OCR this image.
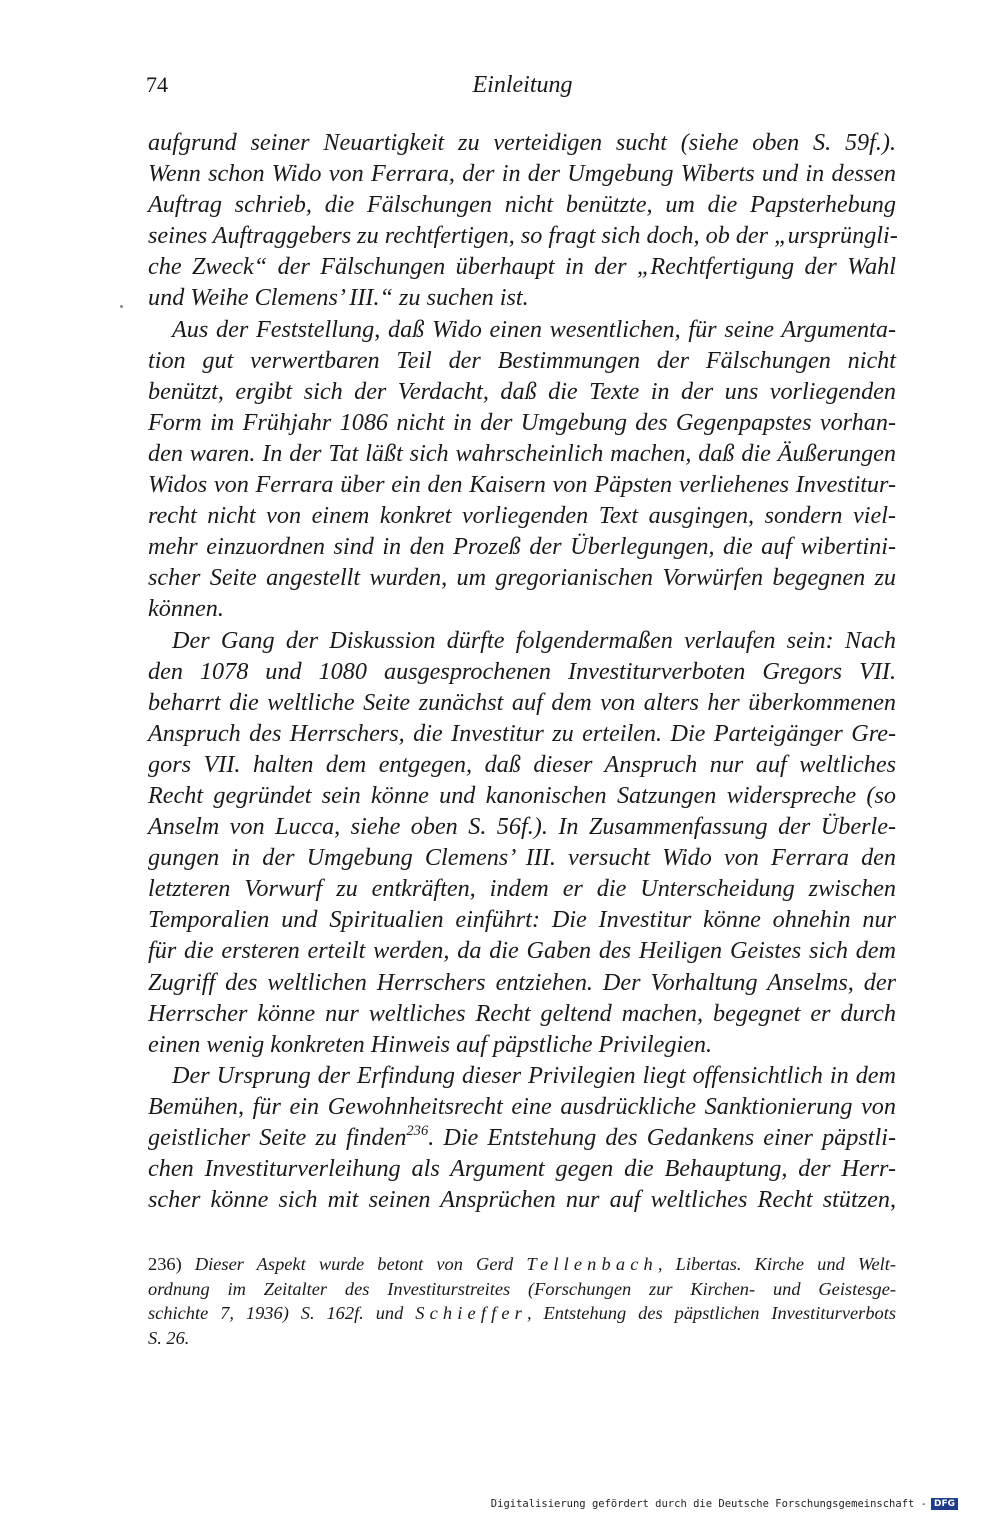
74	Einleitung
aufgrund seiner Neuartigkeit zu verteidigen sucht (siehe oben S. 59f.).
Wenn schon Wido von Ferrara, der in der Umgebung Wiberts und in dessen
Auftrag schrieb, die Fälschungen nicht benützte, um die Papsterhebung
seines Auftraggebers zu rechtfertigen, so fragt sich doch, ob der „ursprüngli-
che Zweck“ der Fälschungen überhaupt in der „Rechtfertigung der Wahl
und Weihe Clemens’ III.“ zu suchen ist.
Aus der Feststellung, daß Wido einen wesentlichen, für seine Argumenta-
tion gut verwertbaren Teil der Bestimmungen der Fälschungen nicht
benützt, ergibt sich der Verdacht, daß die Texte in der uns vorliegenden
Form im Frühjahr 1086 nicht in der Umgebung des Gegenpapstes vorhan-
den waren. In der Tat läßt sich wahrscheinlich machen, daß die Äußerungen
Widos von Ferrara über ein den Kaisern von Päpsten verliehenes Investitur-
recht nicht von einem konkret vorliegenden Text ausgingen, sondern viel-
mehr einzuordnen sind in den Prozeß der Überlegungen, die auf wibertini-
scher Seite angestellt wurden, um gregorianischen Vorwürfen begegnen zu
können.
Der Gang der Diskussion dürfte folgendermaßen verlaufen sein: Nach
den 1078 und 1080 ausgesprochenen Investiturverboten Gregors VII.
beharrt die weltliche Seite zunächst auf dem von alters her überkommenen
Anspruch des Herrschers, die Investitur zu erteilen. Die Parteigänger Gre-
gors VII. halten dem entgegen, daß dieser Anspruch nur auf weltliches
Recht gegründet sein könne und kanonischen Satzungen widerspreche (so
Anselm von Lucca, siehe oben S. 56f.). In Zusammenfassung der Überle-
gungen in der Umgebung Clemens’ III. versucht Wido von Ferrara den
letzteren Vorwurf zu entkräften, indem er die Unterscheidung zwischen
Temporalien und Spiritualien einführt: Die Investitur könne ohnehin nur
für die ersteren erteilt werden, da die Gaben des Heiligen Geistes sich dem
Zugriff des weltlichen Herrschers entziehen. Der Vorhaltung Anselms, der
Herrscher könne nur weltliches Recht geltend machen, begegnet er durch
einen wenig konkreten Hinweis auf päpstliche Privilegien.
Der Ursprung der Erfindung dieser Privilegien liegt offensichtlich in dem
Bemühen, für ein Gewohnheitsrecht eine ausdrückliche Sanktionierung von
geistlicher Seite zu finden$^{236}$. Die Entstehung des Gedankens einer päpstli-
chen Investiturverleihung als Argument gegen die Behauptung, der Herr-
scher könne sich mit seinen Ansprüchen nur auf weltliches Recht stützen,
236) Dieser Aspekt wurde betont von Gerd Tellenbach, Libertas. Kirche und Welt-
ordnung im Zeitalter des Investiturstreites (Forschungen zur Kirchen- und Geistesge-
schichte 7, 1936) S. 162f. und Schieffer, Entstehung des päpstlichen Investiturverbots
S. 26.
Digitalisierung gefördert durch die Deutsche Forschungsgemeinschaft - DFG
